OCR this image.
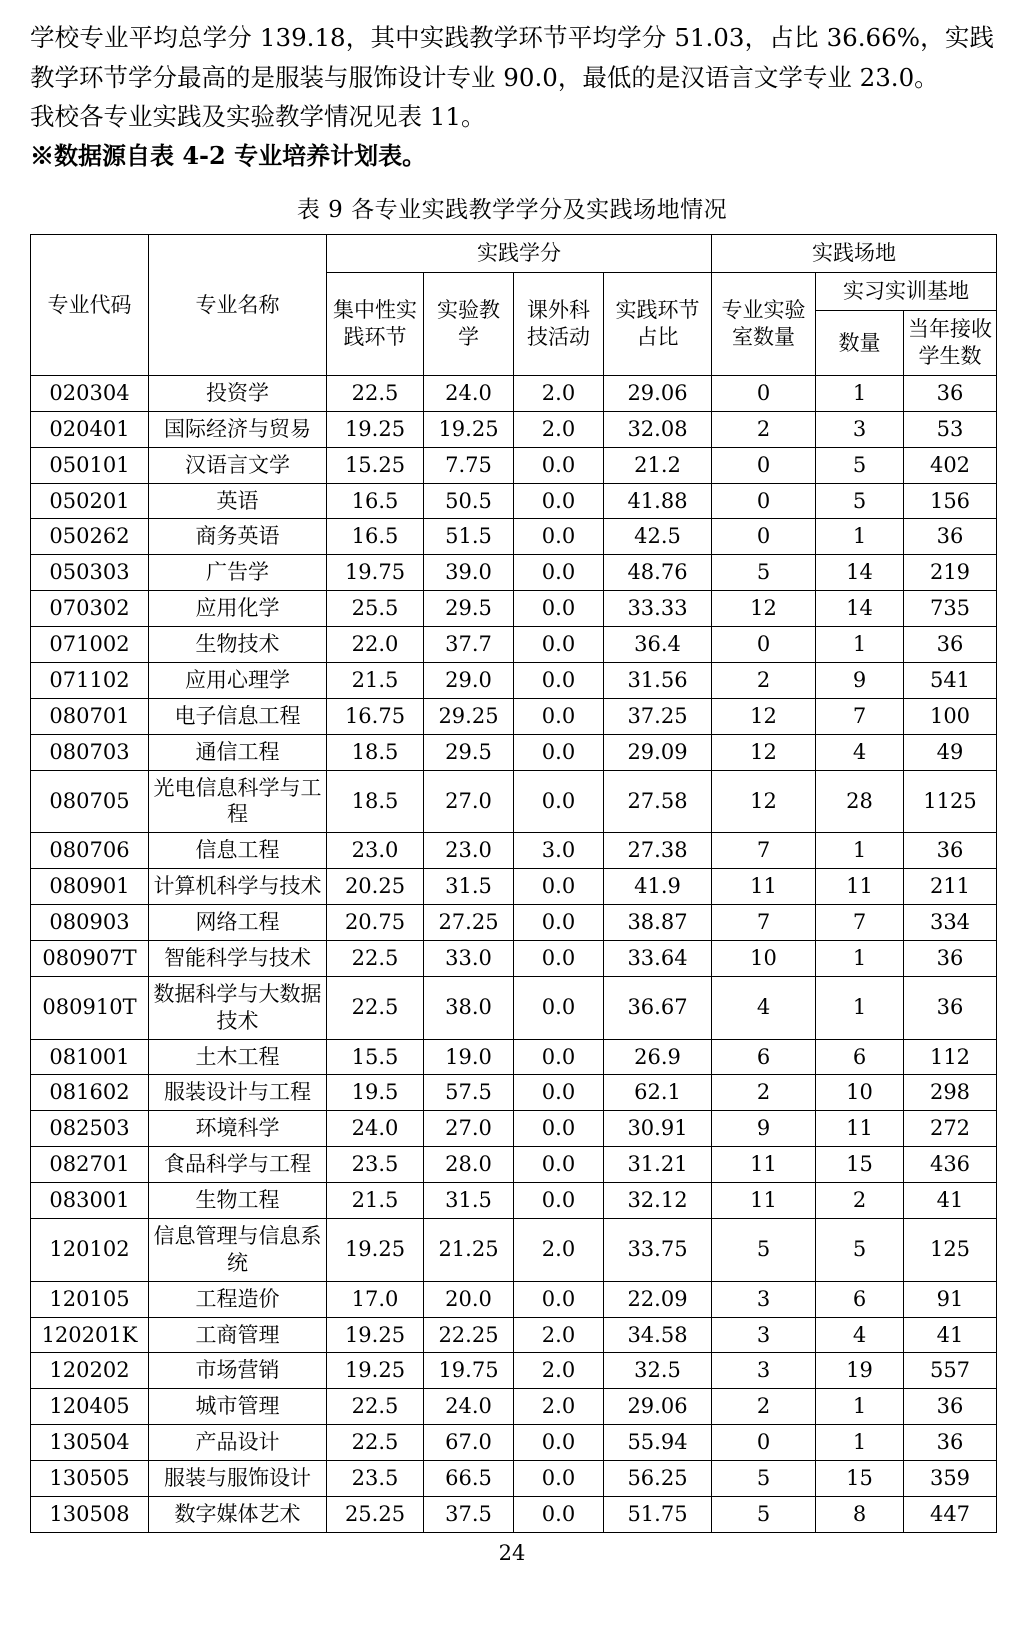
学校专业平均总学分 139.18，其中实践教学环节平均学分 51.03，占比 36.66%，实践教学环节学分最高的是服装与服饰设计专业 90.0，最低的是汉语言文学专业 23.0。

我校各专业实践及实验教学情况见表 11。

※数据源自表 4-2 专业培养计划表。

表 9 各专业实践教学学分及实践场地情况
专业代码	专业名称	实践学分				实践场地		
		集中性实践环节	实验教学	课外科技活动	实践环节占比	专业实验室数量	实习实训基地	
							数量	当年接收学生数
020304	投资学	22.5	24.0	2.0	29.06	0	1	36
020401	国际经济与贸易	19.25	19.25	2.0	32.08	2	3	53
050101	汉语言文学	15.25	7.75	0.0	21.2	0	5	402
050201	英语	16.5	50.5	0.0	41.88	0	5	156
050262	商务英语	16.5	51.5	0.0	42.5	0	1	36
050303	广告学	19.75	39.0	0.0	48.76	5	14	219
070302	应用化学	25.5	29.5	0.0	33.33	12	14	735
071002	生物技术	22.0	37.7	0.0	36.4	0	1	36
071102	应用心理学	21.5	29.0	0.0	31.56	2	9	541
080701	电子信息工程	16.75	29.25	0.0	37.25	12	7	100
080703	通信工程	18.5	29.5	0.0	29.09	12	4	49
080705	光电信息科学与工程	18.5	27.0	0.0	27.58	12	28	1125
080706	信息工程	23.0	23.0	3.0	27.38	7	1	36
080901	计算机科学与技术	20.25	31.5	0.0	41.9	11	11	211
080903	网络工程	20.75	27.25	0.0	38.87	7	7	334
080907T	智能科学与技术	22.5	33.0	0.0	33.64	10	1	36
080910T	数据科学与大数据技术	22.5	38.0	0.0	36.67	4	1	36
081001	土木工程	15.5	19.0	0.0	26.9	6	6	112
081602	服装设计与工程	19.5	57.5	0.0	62.1	2	10	298
082503	环境科学	24.0	27.0	0.0	30.91	9	11	272
082701	食品科学与工程	23.5	28.0	0.0	31.21	11	15	436
083001	生物工程	21.5	31.5	0.0	32.12	11	2	41
120102	信息管理与信息系统	19.25	21.25	2.0	33.75	5	5	125
120105	工程造价	17.0	20.0	0.0	22.09	3	6	91
120201K	工商管理	19.25	22.25	2.0	34.58	3	4	41
120202	市场营销	19.25	19.75	2.0	32.5	3	19	557
120405	城市管理	22.5	24.0	2.0	29.06	2	1	36
130504	产品设计	22.5	67.0	0.0	55.94	0	1	36
130505	服装与服饰设计	23.5	66.5	0.0	56.25	5	15	359
130508	数字媒体艺术	25.25	37.5	0.0	51.75	5	8	447
24
